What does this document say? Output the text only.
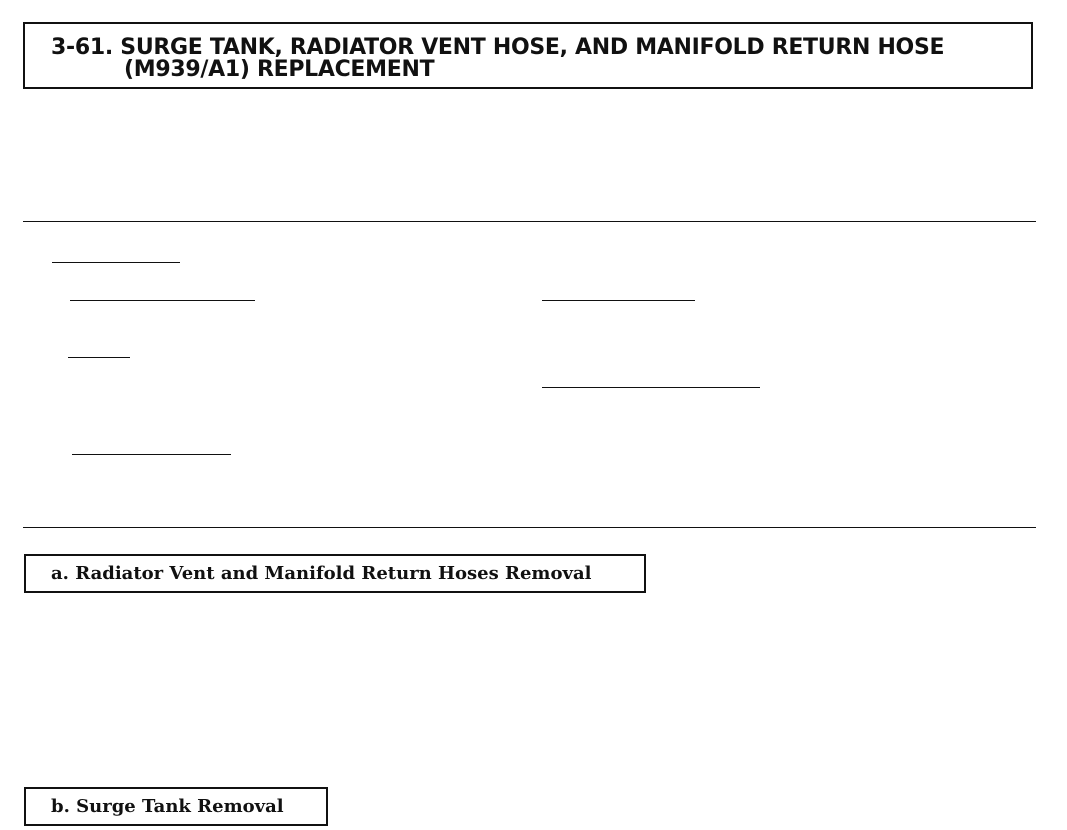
3-61. SURGE TANK, RADIATOR VENT HOSE, AND MANIFOLD RETURN HOSE
(M939/A1) REPLACEMENT
a. Radiator Vent and Manifold Return Hoses Removal
b. Surge Tank Removal
